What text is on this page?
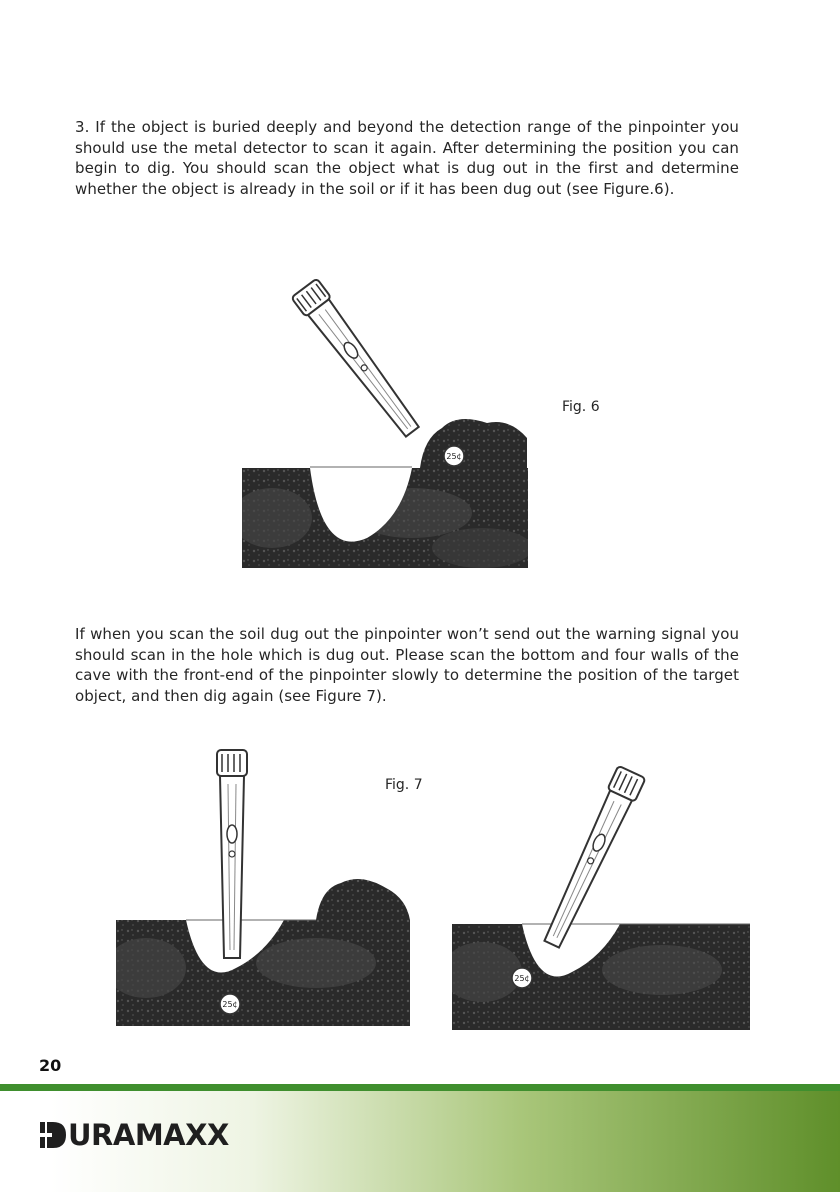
3. If the object is buried deeply and beyond the detection range of the pinpointer you should use the metal detector to scan it again. After determining the position you can begin to dig. You should scan the object what is dug out in the first and determine whether the object is already in the soil or if it has been dug out (see Figure.6).

25¢
Fig. 6

If when you scan the soil dug out the pinpointer won’t send out the warning signal you should scan in the hole which is dug out. Please scan the bottom and four walls of the cave with the front-end of the pinpointer slowly to determine the position of the target object, and then dig again (see Figure 7).

25¢
Fig. 7
25¢
20
URAMAXX
